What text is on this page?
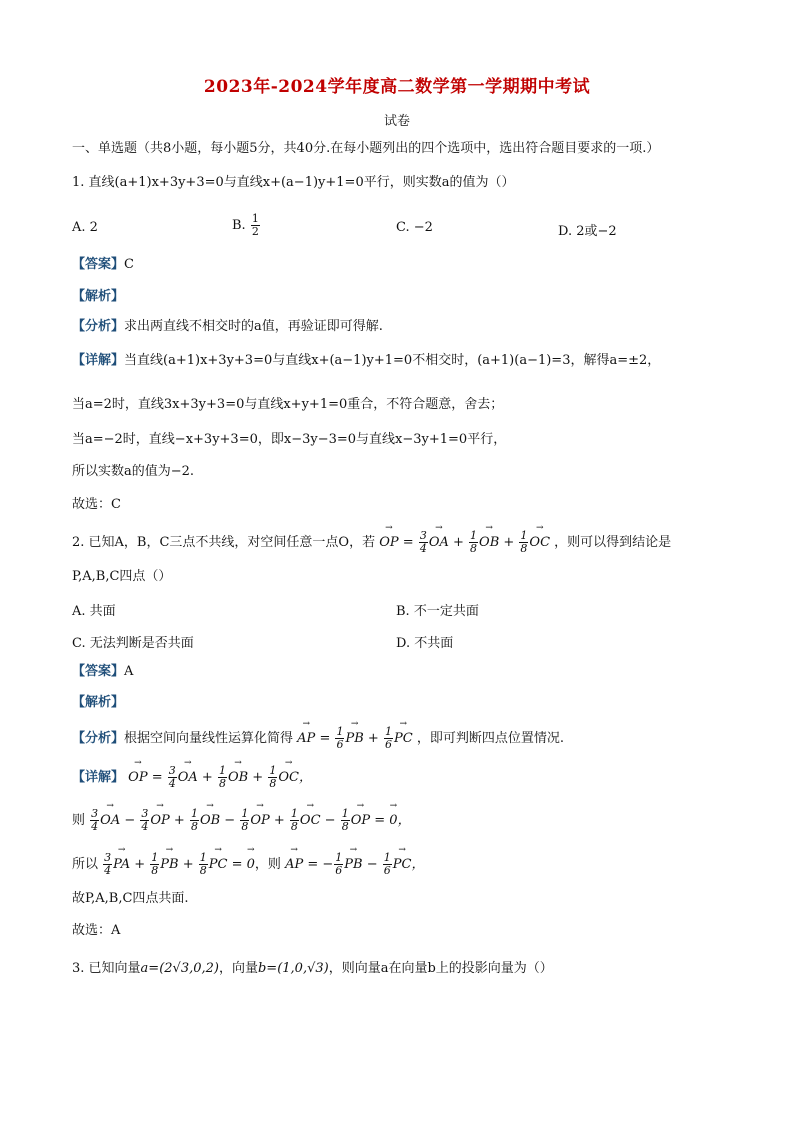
2023年-2024学年度高二数学第一学期期中考试
试卷
一、单选题（共8小题，每小题5分，共40分.在每小题列出的四个选项中，选出符合题目要求的一项.）
1. 直线(a+1)x+3y+3=0与直线x+(a−1)y+1=0平行，则实数a的值为（）
A. 2	B. $\frac{1}{2}$	C. −2	D. 2或−2
【答案】C
【解析】
【分析】求出两直线不相交时的a值，再验证即可得解.
【详解】当直线(a+1)x+3y+3=0与直线x+(a−1)y+1=0不相交时，(a+1)(a−1)=3，解得a=±2，
当a=2时，直线3x+3y+3=0与直线x+y+1=0重合，不符合题意，舍去；
当a=−2时，直线−x+3y+3=0，即x−3y−3=0与直线x−3y+1=0平行，
所以实数a的值为−2.
故选：C
2. 已知A，B，C三点不共线，对空间任意一点O，若 → OP = $\frac{3}{4}$ → OA + $\frac{1}{8}$ → OB + $\frac{1}{8}$ → OC ，则可以得到结论是
P,A,B,C四点（）
A. 共面	B. 不一定共面
C. 无法判断是否共面	D. 不共面
【答案】A
【解析】
【分析】根据空间向量线性运算化简得 → AP = $\frac{1}{6}$ → PB + $\frac{1}{6}$ → PC ，即可判断四点位置情况.
【详解】 → OP = $\frac{3}{4}$ → OA + $\frac{1}{8}$ → OB + $\frac{1}{8}$ → OC，
则 $\frac{3}{4}$ → OA − $\frac{3}{4}$ → OP + $\frac{1}{8}$ → OB − $\frac{1}{8}$ → OP + $\frac{1}{8}$ → OC − $\frac{1}{8}$ → OP = → 0，
所以 $\frac{3}{4}$ → PA + $\frac{1}{8}$ → PB + $\frac{1}{8}$ → PC = → 0，则 → AP = − $\frac{1}{6}$ → PB − $\frac{1}{6}$ → PC，
故P,A,B,C四点共面.
故选：A
3. 已知向量a=(2√3,0,2)，向量b=(1,0,√3)，则向量a在向量b上的投影向量为（）
